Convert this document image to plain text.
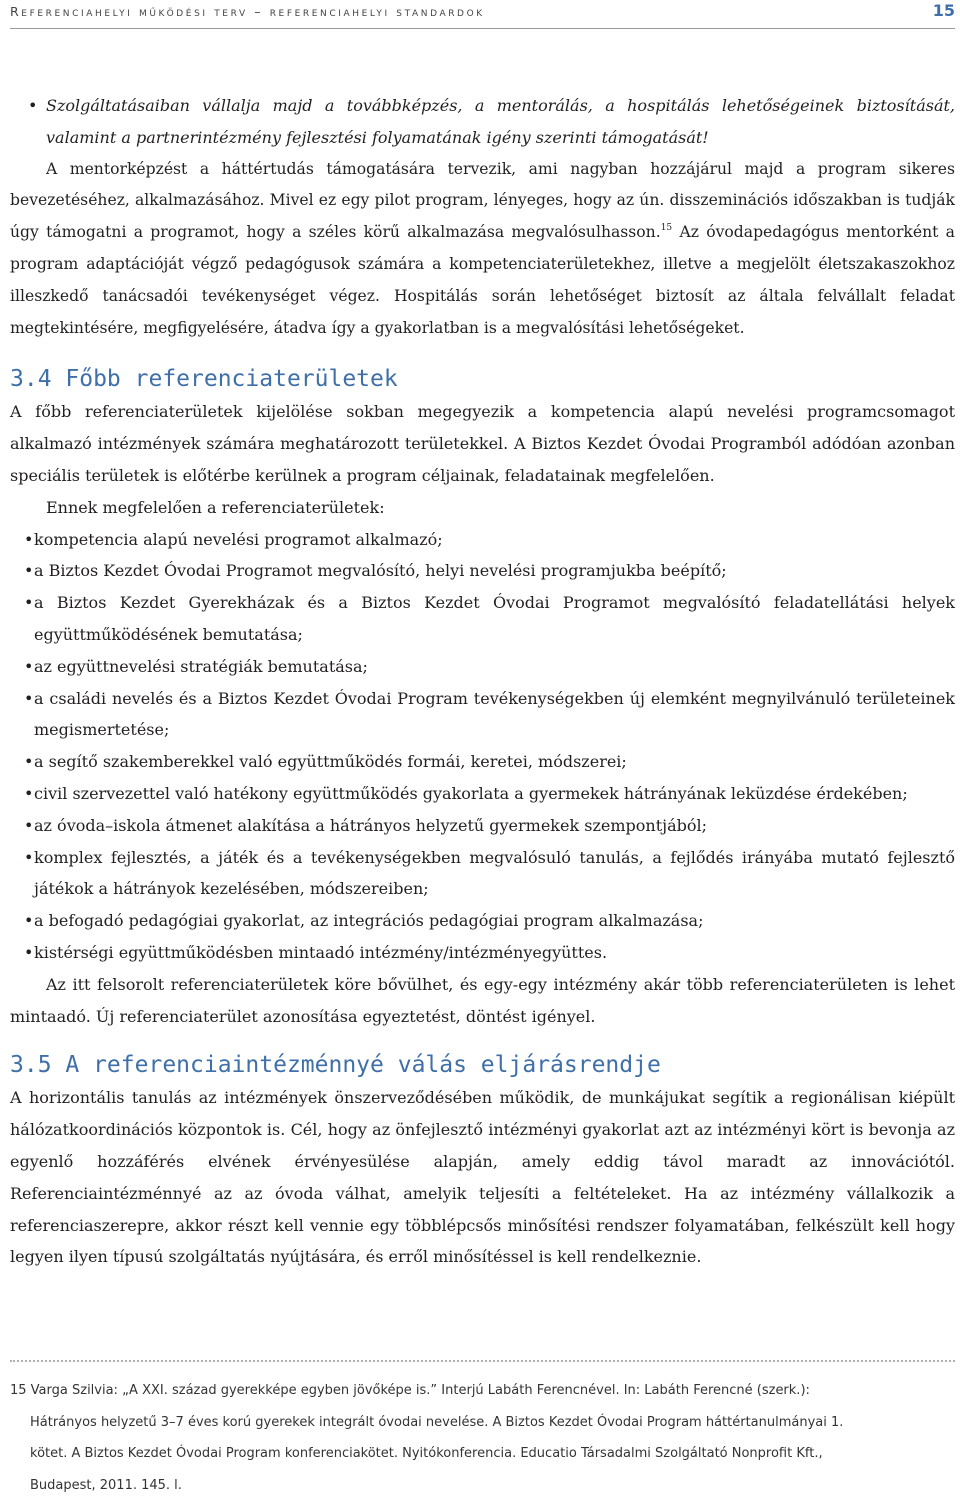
Referenciahelyi működési terv – referenciahelyi standardok	15
• Szolgáltatásaiban vállalja majd a továbbképzés, a mentorálás, a hospitálás lehetőségeinek biztosítását, valamint a partnerintézmény fejlesztési folyamatának igény szerinti támogatását!

A mentorképzést a háttértudás támogatására tervezik, ami nagyban hozzájárul majd a program sikeres bevezetéséhez, alkalmazásához. Mivel ez egy pilot program, lényeges, hogy az ún. disszeminációs időszakban is tudják úgy támogatni a programot, hogy a széles körű alkalmazása megvalósulhasson.$^{15}$ Az óvodapedagógus mentorként a program adaptációját végző pedagógusok számára a kompetenciaterületekhez, illetve a megjelölt életszakaszokhoz illeszkedő tanácsadói tevékenységet végez. Hospitálás során lehetőséget biztosít az általa felvállalt feladat megtekintésére, megfigyelésére, átadva így a gyakorlatban is a megvalósítási lehetőségeket.

3.4 Főbb referenciaterületek

A főbb referenciaterületek kijelölése sokban megegyezik a kompetencia alapú nevelési programcsomagot alkalmazó intézmények számára meghatározott területekkel. A Biztos Kezdet Óvodai Programból adódóan azonban speciális területek is előtérbe kerülnek a program céljainak, feladatainak megfelelően.

Ennek megfelelően a referenciaterületek:

• kompetencia alapú nevelési programot alkalmazó;
• a Biztos Kezdet Óvodai Programot megvalósító, helyi nevelési programjukba beépítő;
• a Biztos Kezdet Gyerekházak és a Biztos Kezdet Óvodai Programot megvalósító feladatellátási helyek együttműködésének bemutatása;
• az együttnevelési stratégiák bemutatása;
• a családi nevelés és a Biztos Kezdet Óvodai Program tevékenységekben új elemként megnyilvánuló területeinek megismertetése;
• a segítő szakemberekkel való együttműködés formái, keretei, módszerei;
• civil szervezettel való hatékony együttműködés gyakorlata a gyermekek hátrányának leküzdése érdekében;
• az óvoda–iskola átmenet alakítása a hátrányos helyzetű gyermekek szempontjából;
• komplex fejlesztés, a játék és a tevékenységekben megvalósuló tanulás, a fejlődés irányába mutató fejlesztő játékok a hátrányok kezelésében, módszereiben;
• a befogadó pedagógiai gyakorlat, az integrációs pedagógiai program alkalmazása;
• kistérségi együttműködésben mintaadó intézmény/intézményegyüttes.

Az itt felsorolt referenciaterületek köre bővülhet, és egy-egy intézmény akár több referenciaterületen is lehet mintaadó. Új referenciaterület azonosítása egyeztetést, döntést igényel.

3.5 A referenciaintézménnyé válás eljárásrendje

A horizontális tanulás az intézmények önszerveződésében működik, de munkájukat segítik a regionálisan kiépült hálózatkoordinációs központok is. Cél, hogy az önfejlesztő intézményi gyakorlat azt az intézményi kört is bevonja az egyenlő hozzáférés elvének érvényesülése alapján, amely eddig távol maradt az innovációtól. Referenciaintézménnyé az az óvoda válhat, amelyik teljesíti a feltételeket. Ha az intézmény vállalkozik a referenciaszerepre, akkor részt kell vennie egy többlépcsős minősítési rendszer folyamatában, felkészült kell hogy legyen ilyen típusú szolgáltatás nyújtására, és erről minősítéssel is kell rendelkeznie.

15 Varga Szilvia: „A XXI. század gyerekképe egyben jövőképe is.” Interjú Labáth Ferencnével. In: Labáth Ferencné (szerk.):

Hátrányos helyzetű 3–7 éves korú gyerekek integrált óvodai nevelése. A Biztos Kezdet Óvodai Program háttértanulmányai 1.

kötet. A Biztos Kezdet Óvodai Program konferenciakötet. Nyitókonferencia. Educatio Társadalmi Szolgáltató Nonprofit Kft.,

Budapest, 2011. 145. l.
